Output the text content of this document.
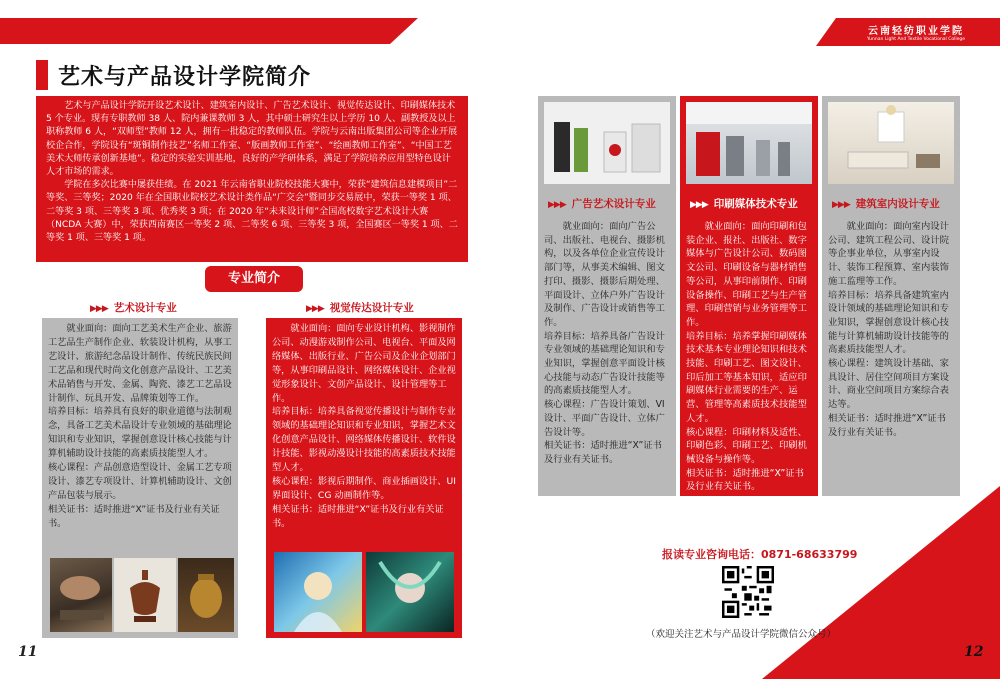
艺术与产品设计学院简介

艺术与产品设计学院开设艺术设计、建筑室内设计、广告艺术设计、视觉传达设计、印刷媒体技术 5 个专业。现有专职教师 38 人、院内兼课教师 3 人，其中硕士研究生以上学历 10 人、副教授及以上职称教师 6 人，“双师型”教师 12 人，拥有一批稳定的教师队伍。学院与云南出版集团公司等企业开展校企合作，学院设有“斑铜制作技艺”名师工作室、“版画教师工作室”、“绘画教师工作室”、“中国工艺美术大师传承创新基地”。稳定的实验实训基地，良好的产学研体系，满足了学院培养应用型特色设计人才市场的需求。

学院在多次比赛中屡获佳绩。在 2021 年云南省职业院校技能大赛中，荣获“建筑信息建模项目”二等奖、三等奖；2020 年在全国职业院校艺术设计类作品“广交会”暨同步交易展中，荣获一等奖 1 项、二等奖 3 项、三等奖 3 项、优秀奖 3 项；在 2020 年“未来设计师”全国高校数字艺术设计大赛（NCDA 大赛）中，荣获西南赛区一等奖 2 项、二等奖 6 项、三等奖 3 项，全国赛区一等奖 1 项、二等奖 1 项、三等奖 1 项。

专业简介
▶▶▶ 艺术设计专业	▶▶▶ 视觉传达设计专业

就业面向：面向工艺美术生产企业、旅游工艺品生产制作企业、软装设计机构，从事工艺设计、旅游纪念品设计制作、传统民族民间工艺品和现代时尚文化创意产品设计、工艺美术品销售与开发、金属、陶瓷、漆艺工艺品设计制作、玩具开发、品牌策划等工作。
培养目标：培养具有良好的职业道德与法制观念，具备工艺美术品设计专业领域的基础理论知识和专业知识，掌握创意设计核心技能与计算机辅助设计技能的高素质技能型人才。
核心课程：产品创意造型设计、金属工艺专项设计、漆艺专项设计、计算机辅助设计、文创产品包装与展示。
相关证书：适时推进“X”证书及行业有关证书。

就业面向：面向专业设计机构、影视制作公司、动漫游戏制作公司、电视台、平面及网络媒体、出版行业、广告公司及企业企划部门等，从事印刷品设计、网络媒体设计、企业视觉形象设计、文创产品设计、设计管理等工作。
培养目标：培养具备视觉传播设计与制作专业领域的基础理论知识和专业知识，掌握艺术文化创意产品设计、网络媒体传播设计、软件设计技能、影视动漫设计技能的高素质技术技能型人才。
核心课程：影视后期制作、商业插画设计、UI 界面设计、CG 动画制作等。
相关证书：适时推进“X”证书及行业有关证书。

11
云南轻纺职业学院
Yunnan Light And Textile Vocational College
▶▶▶ 广告艺术设计专业

就业面向：面向广告公司、出版社、电视台、摄影机构，以及各单位企业宣传设计部门等，从事美术编辑、图文打印、摄影、摄影后期处理、平面设计、立体户外广告设计及制作、广告设计或销售等工作。
培养目标：培养具备广告设计专业领域的基础理论知识和专业知识，掌握创意平面设计核心技能与动态广告设计技能等的高素质技能型人才。
核心课程：广告设计策划、VI 设计、平面广告设计、立体广告设计等。
相关证书：适时推进“X”证书及行业有关证书。

▶▶▶ 印刷媒体技术专业

就业面向：面向印刷和包装企业、报社、出版社、数字媒体与广告设计公司、数码图文公司、印刷设备与器材销售等公司，从事印前制作、印刷设备操作、印刷工艺与生产管理、印刷营销与业务管理等工作。
培养目标：培养掌握印刷媒体技术基本专业理论知识和技术技能、印刷工艺、图文设计、印后加工等基本知识，适应印刷媒体行业需要的生产、运营、管理等高素质技术技能型人才。
核心课程：印刷材料及适性、印刷色彩、印刷工艺、印刷机械设备与操作等。
相关证书：适时推进“X”证书及行业有关证书。

▶▶▶ 建筑室内设计专业

就业面向：面向室内设计公司、建筑工程公司、设计院等企事业单位，从事室内设计、装饰工程预算、室内装饰施工监理等工作。
培养目标：培养具备建筑室内设计领域的基础理论知识和专业知识，掌握创意设计核心技能与计算机辅助设计技能等的高素质技能型人才。
核心课程：建筑设计基础、家具设计、居住空间项目方案设计、商业空间项目方案综合表达等。
相关证书：适时推进“X”证书及行业有关证书。

报读专业咨询电话：0871-68633799
（欢迎关注艺术与产品设计学院微信公众号）
12
